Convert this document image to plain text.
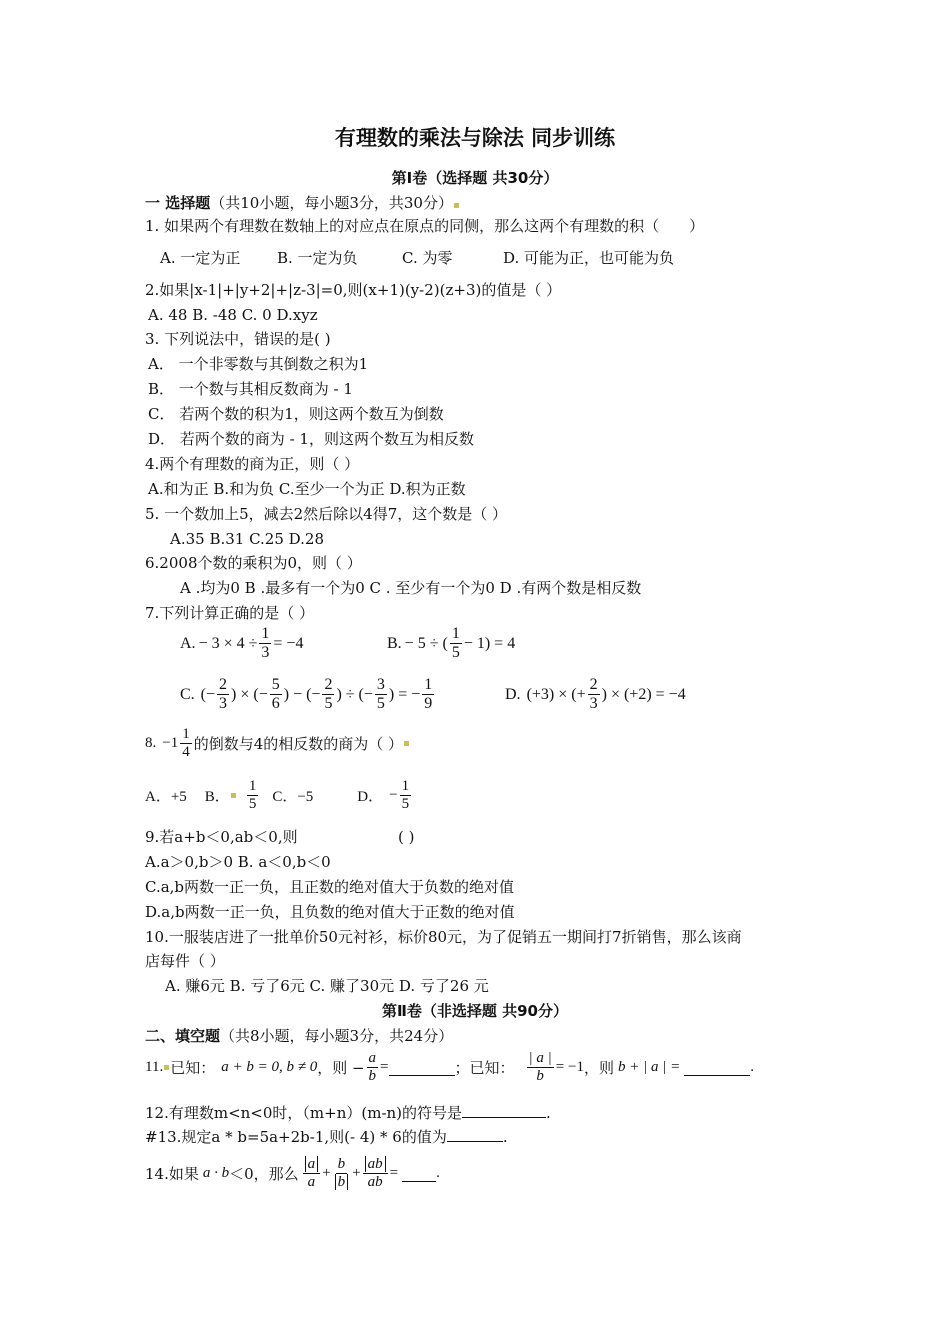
有理数的乘法与除法 同步训练
第Ⅰ卷（选择题 共30分）
一 选择题（共10小题，每小题3分，共30分）
1. 如果两个有理数在数轴上的对应点在原点的同侧，那么这两个有理数的积（　　）
A. 一定为正 B. 一定为负	C. 为零	D. 可能为正，也可能为负
2.如果|x-1|+|y+2|+|z-3|=0,则(x+1)(y-2)(z+3)的值是（ ）
A. 48 B. -48 C. 0 D.xyz
3. 下列说法中，错误的是( )
A． 一个非零数与其倒数之积为1
B． 一个数与其相反数商为 - 1
C． 若两个数的积为1，则这两个数互为倒数
D． 若两个数的商为 - 1，则这两个数互为相反数
4.两个有理数的商为正，则（ ）
A.和为正 B.和为负 C.至少一个为正 D.积为正数
5. 一个数加上5，减去2然后除以4得7，这个数是（ ）
A.35 B.31 C.25 D.28
6.2008个数的乘积为0，则（ ）
A .均为0 B .最多有一个为0 C . 至少有一个为0 D .有两个数是相反数
7.下列计算正确的是（ ）
A. − $3 \times 4 \div \frac{1}{3} = -4$	B. − 5 ÷ ( $\frac{1}{5} - 1) = 4$
C. (− $\frac{2}{3}$ ) × (− $\frac{5}{6}$ ) − (− $\frac{2}{5}$ ) ÷ (− $\frac{3}{5}$ ) = − $\frac{1}{9}$	D. (+3) × (+ $\frac{2}{3}$ ) × (+2) = −4
8. $-1 \frac{1}{4}$ 的倒数与4的相反数的商为（ ）
A．+5 B． $\frac{1}{5}$ C．−5	D． − $\frac{1}{5}$
9.若a+b＜0,ab＜0,则	( )
A.a＞0,b＞0 B. a＜0,b＜0
C.a,b两数一正一负，且正数的绝对值大于负数的绝对值
D.a,b两数一正一负，且负数的绝对值大于正数的绝对值
10.一服装店进了一批单价50元衬衫，标价80元，为了促销五一期间打7折销售，那么该商
店每件（ ）
A. 赚6元 B. 亏了6元 C. 赚了30元 D. 亏了26 元
第Ⅱ卷（非选择题 共90分）
二、填空题（共8小题，每小题3分，共24分）
11. 已知： a + b = 0, b ≠ 0 ，则 − $\frac{a}{b}$ =	；已知： $\frac{| a |}{b} = -1$ ，则 b + | a | =	.
12.有理数m<n<0时，（m+n）(m-n)的符号是	.
#13.规定a * b=5a+2b-1,则(- 4) * 6的值为	.
14.如果 a · b ＜0，那么 $\frac{a}{a} + \frac{b}{b} + \frac{ab}{ab}$ =	.
